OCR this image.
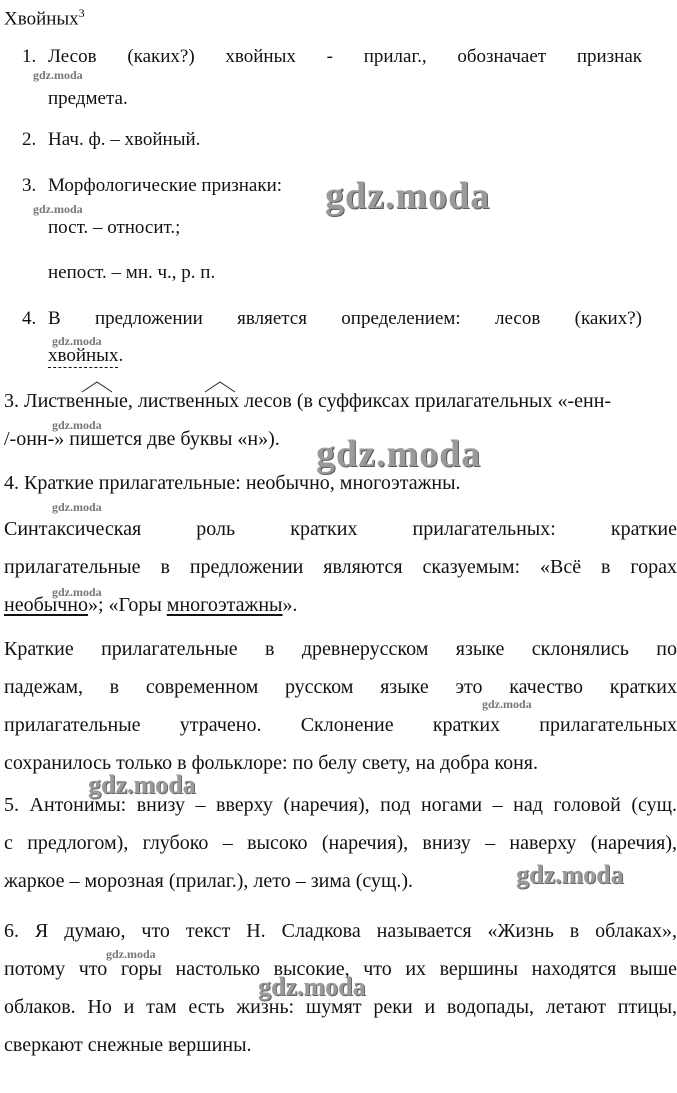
Хвойных$^3$
1. Лесов (каких?) хвойных - прилаг., обозначает признак
предмета.
2. Нач. ф. – хвойный.
3. Морфологические признаки:
пост. – относит.;
непост. – мн. ч., р. п.
4. В предложении является определением: лесов (каких?)
хвойных.
3. Лиственные, лиственных лесов (в суффиксах прилагательных «-енн-
/-онн-» пишется две буквы «н»).
4. Краткие прилагательные: необычно, многоэтажны.
Синтаксическая роль кратких прилагательных: краткие
прилагательные в предложении являются сказуемым: «Всё в горах
необычно»; «Горы многоэтажны».
Краткие прилагательные в древнерусском языке склонялись по
падежам, в современном русском языке это качество кратких
прилагательные утрачено. Склонение кратких прилагательных
сохранилось только в фольклоре: по белу свету, на добра коня.
5. Антонимы: внизу – вверху (наречия), под ногами – над головой (сущ.
с предлогом), глубоко – высоко (наречия), внизу – наверху (наречия),
жаркое – морозная (прилаг.), лето – зима (сущ.).
6. Я думаю, что текст Н. Сладкова называется «Жизнь в облаках»,
потому что горы настолько высокие, что их вершины находятся выше
облаков. Но и там есть жизнь: шумят реки и водопады, летают птицы,
сверкают снежные вершины.
gdz.moda
gdz.moda
gdz.moda
gdz.moda
gdz.moda
gdz.moda
gdz.moda
gdz.moda
gdz.moda
gdz.moda
gdz.moda
gdz.moda
gdz.moda
